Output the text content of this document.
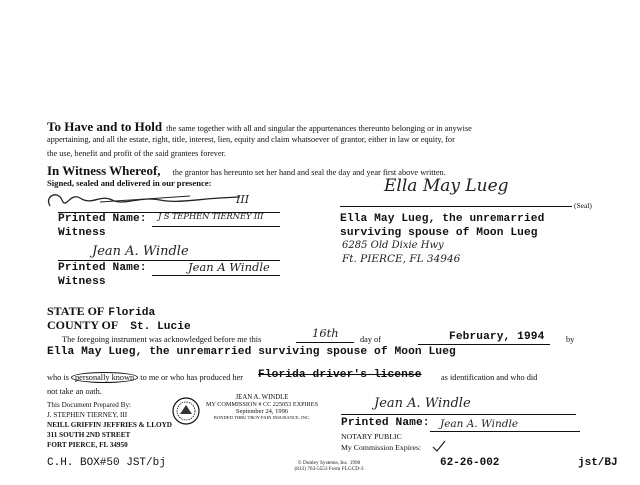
To Have and to Hold the same together with all and singular the appurtenances thereunto belonging or in anywise
appertaining, and all the estate, right, title, interest, lien, equity and claim whatsoever of grantor, either in law or equity, for
the use, benefit and profit of the said grantees forever.
In Witness Whereof, the grantor has hereunto set her hand and seal the day and year first above written.
Signed, sealed and delivered in our presence:
III
Printed Name: J S TEPHEN TIERNEY III
Witness
Ella May Lueg
(Seal)
Ella May Lueg, the unremarried
surviving spouse of Moon Lueg
6285 Old Dixie Hwy
Ft. PIERCE, FL 34946
Jean A. Windle
Printed Name:	Jean A Windle
Witness
STATE OF Florida
COUNTY OF St. Lucie
The foregoing instrument was acknowledged before me this	16th	day of	February, 1994	by
Ella May Lueg, the unremarried surviving spouse of Moon Lueg
who is personally known to me or who has produced her Florida driver's license as identification and who did
not take an oath.
This Document Prepared By:
J. STEPHEN TIERNEY, III
NEILL GRIFFIN JEFFRIES & LLOYD
311 SOUTH 2ND STREET
FORT PIERCE, FL 34950
JEAN A. WINDLE
MY COMMISSION # CC 225053 EXPIRES
September 24, 1996
BONDED THRU TROY FAIN INSURANCE, INC.
Jean A. Windle
Printed Name: Jean A. Windle
NOTARY PUBLIC
My Commission Expires:
C.H. BOX#50 JST/bj	© Dunley Systems, Inc. 1990
(813) 763-5553 Form FLGCD-3	62-26-002	jst/BJ
